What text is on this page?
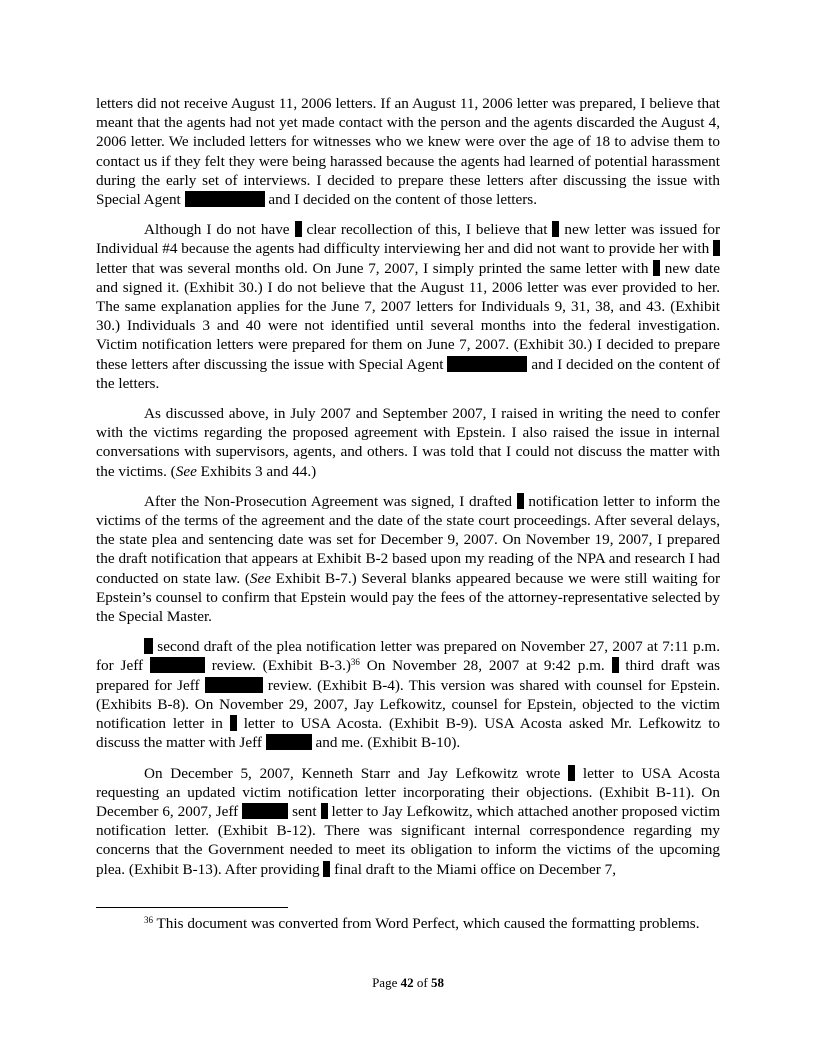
letters did not receive August 11, 2006 letters. If an August 11, 2006 letter was prepared, I believe that meant that the agents had not yet made contact with the person and the agents discarded the August 4, 2006 letter. We included letters for witnesses who we knew were over the age of 18 to advise them to contact us if they felt they were being harassed because the agents had learned of potential harassment during the early set of interviews. I decided to prepare these letters after discussing the issue with Special Agent	and I decided on the content of those letters.

Although I do not have clear recollection of this, I believe that new letter was issued for Individual #4 because the agents had difficulty interviewing her and did not want to provide her with  letter that was several months old. On June 7, 2007, I simply printed the same letter with new date and signed it. (Exhibit 30.) I do not believe that the August 11, 2006 letter was ever provided to her. The same explanation applies for the June 7, 2007 letters for Individuals 9, 31, 38, and 43. (Exhibit 30.) Individuals 3 and 40 were not identified until several months into the federal investigation. Victim notification letters were prepared for them on June 7, 2007. (Exhibit 30.) I decided to prepare these letters after discussing the issue with Special Agent	and I decided on the content of the letters.

As discussed above, in July 2007 and September 2007, I raised in writing the need to confer with the victims regarding the proposed agreement with Epstein. I also raised the issue in internal conversations with supervisors, agents, and others. I was told that I could not discuss the matter with the victims. (See Exhibits 3 and 44.)

After the Non-Prosecution Agreement was signed, I drafted notification letter to inform the victims of the terms of the agreement and the date of the state court proceedings. After several delays, the state plea and sentencing date was set for December 9, 2007. On November 19, 2007, I prepared the draft notification that appears at Exhibit B-2 based upon my reading of the NPA and research I had conducted on state law. (See Exhibit B-7.) Several blanks appeared because we were still waiting for Epstein’s counsel to confirm that Epstein would pay the fees of the attorney-representative selected by the Special Master.

second draft of the plea notification letter was prepared on November 27, 2007 at 7:11 p.m. for Jeff	review. (Exhibit B-3.)$^{36}$ On November 28, 2007 at 9:42 p.m. third draft was prepared for Jeff	review. (Exhibit B-4). This version was shared with counsel for Epstein. (Exhibits B-8). On November 29, 2007, Jay Lefkowitz, counsel for Epstein, objected to the victim notification letter in letter to USA Acosta. (Exhibit B-9). USA Acosta asked Mr. Lefkowitz to discuss the matter with Jeff	and me. (Exhibit B-10).

On December 5, 2007, Kenneth Starr and Jay Lefkowitz wrote letter to USA Acosta requesting an updated victim notification letter incorporating their objections. (Exhibit B-11). On December 6, 2007, Jeff	sent letter to Jay Lefkowitz, which attached another proposed victim notification letter. (Exhibit B-12). There was significant internal correspondence regarding my concerns that the Government needed to meet its obligation to inform the victims of the upcoming plea. (Exhibit B-13). After providing final draft to the Miami office on December 7,

$^{36}$ This document was converted from Word Perfect, which caused the formatting problems.

Page 42 of 58
